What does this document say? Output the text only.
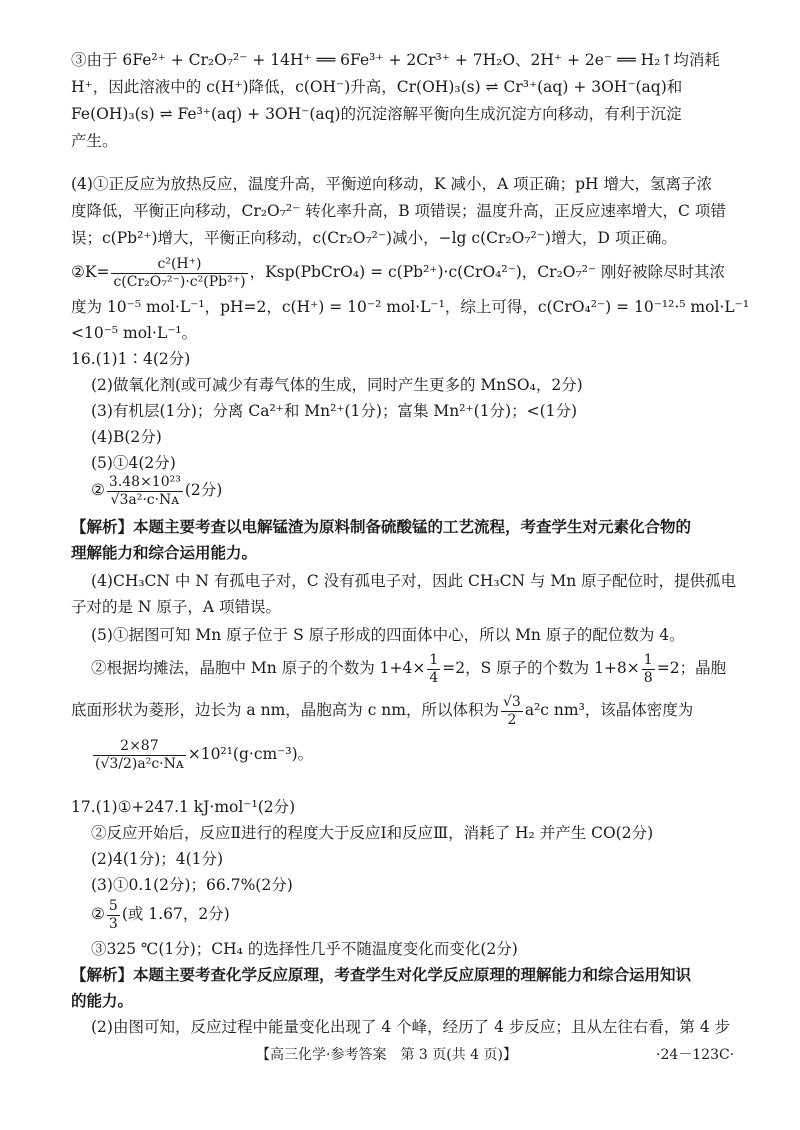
③由于 6Fe²⁺ + Cr₂O₇²⁻ + 14H⁺ ══ 6Fe³⁺ + 2Cr³⁺ + 7H₂O、2H⁺ + 2e⁻ ══ H₂↑均消耗
H⁺，因此溶液中的 c(H⁺)降低，c(OH⁻)升高，Cr(OH)₃(s) ⇌ Cr³⁺(aq) + 3OH⁻(aq)和
Fe(OH)₃(s) ⇌ Fe³⁺(aq) + 3OH⁻(aq)的沉淀溶解平衡向生成沉淀方向移动，有利于沉淀
产生。
(4)①正反应为放热反应，温度升高，平衡逆向移动，K 减小，A 项正确；pH 增大，氢离子浓
度降低，平衡正向移动，Cr₂O₇²⁻ 转化率升高，B 项错误；温度升高，正反应速率增大，C 项错
误；c(Pb²⁺)增大，平衡正向移动，c(Cr₂O₇²⁻)减小，−lg c(Cr₂O₇²⁻)增大，D 项正确。
②K= $\frac{\text{c²(H⁺)}}{\text{c(Cr₂O₇²⁻)·c²(Pb²⁺)}}$ ，Ksp(PbCrO₄) = c(Pb²⁺)·c(CrO₄²⁻)，Cr₂O₇²⁻ 刚好被除尽时其浓
度为 10⁻⁵ mol·L⁻¹，pH=2，c(H⁺) = 10⁻² mol·L⁻¹，综上可得，c(CrO₄²⁻) = 10⁻¹²·⁵ mol·L⁻¹
<10⁻⁵ mol·L⁻¹。
16.(1)1∶4(2分)
(2)做氧化剂(或可减少有毒气体的生成，同时产生更多的 MnSO₄，2分)
(3)有机层(1分)；分离 Ca²⁺和 Mn²⁺(1分)；富集 Mn²⁺(1分)；<(1分)
(4)B(2分)
(5)①4(2分)
② $\frac{\text{3.48×10²³}}{\text{√3a²·c·Nᴀ}} (2$分)
【解析】本题主要考查以电解锰渣为原料制备硫酸锰的工艺流程，考查学生对元素化合物的
理解能力和综合运用能力。
(4)CH₃CN 中 N 有孤电子对，C 没有孤电子对，因此 CH₃CN 与 Mn 原子配位时，提供孤电
子对的是 N 原子，A 项错误。
(5)①据图可知 Mn 原子位于 S 原子形成的四面体中心，所以 Mn 原子的配位数为 4。
②根据均摊法，晶胞中 Mn 原子的个数为 $1+4\times \frac{1}{4} =2$，S 原子的个数为 $1+8\times \frac{1}{8} =2$；晶胞
底面形状为菱形，边长为 a nm，晶胞高为 c nm，所以体积为 $\frac{√3}{2} a^2c$ nm³，该晶体密度为
$\frac{2\times 87}{\text{(√3/2)a²c·Nᴀ}} \times 10^{21}(g\cdot cm^{-3})$。
17.(1)①+247.1 kJ·mol⁻¹(2分)
②反应开始后，反应Ⅱ进行的程度大于反应Ⅰ和反应Ⅲ，消耗了 H₂ 并产生 CO(2分)
(2)4(1分)；4(1分)
(3)①0.1(2分)；66.7%(2分)
② $\frac{5}{3}$ (或 1.67，2分)
③325 ℃(1分)；CH₄ 的选择性几乎不随温度变化而变化(2分)
【解析】本题主要考查化学反应原理，考查学生对化学反应原理的理解能力和综合运用知识
的能力。
(2)由图可知，反应过程中能量变化出现了 4 个峰，经历了 4 步反应；且从左往右看，第 4 步
【高三化学·参考答案　第 3 页(共 4 页)】	·24－123C·
